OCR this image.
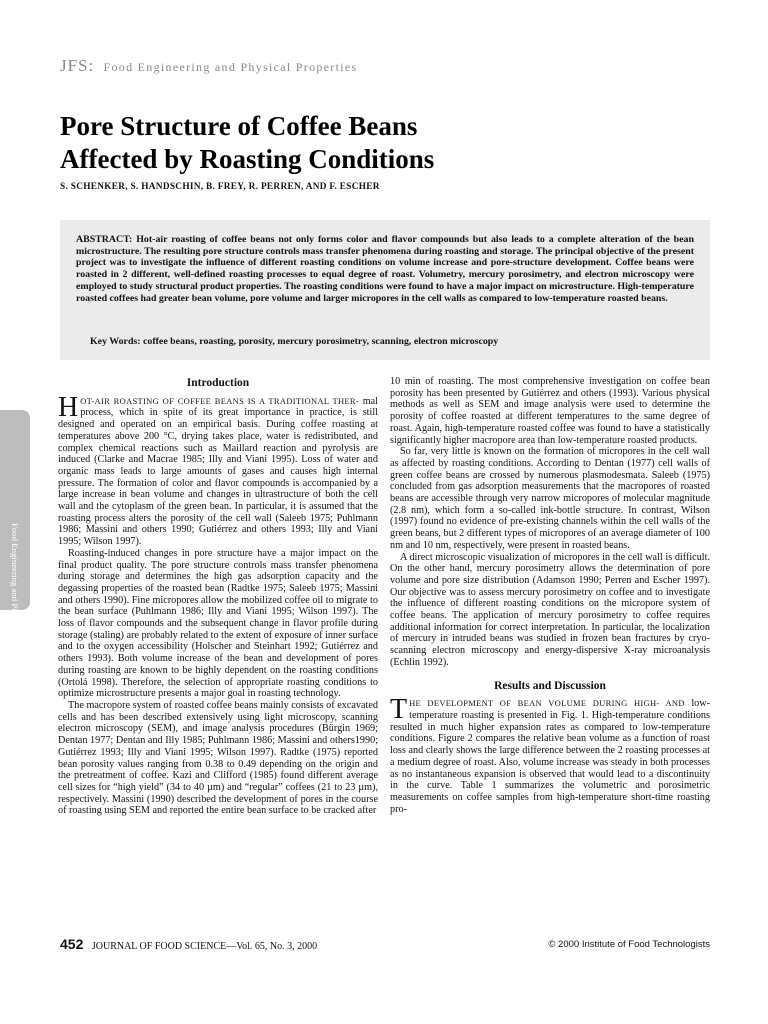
JFS: Food Engineering and Physical Properties
Pore Structure of Coffee Beans
Affected by Roasting Conditions
S. SCHENKER, S. HANDSCHIN, B. FREY, R. PERREN, AND F. ESCHER

ABSTRACT: Hot-air roasting of coffee beans not only forms color and flavor compounds but also leads to a complete alteration of the bean microstructure. The resulting pore structure controls mass transfer phenomena during roasting and storage. The principal objective of the present project was to investigate the influence of different roasting conditions on volume increase and pore-structure development. Coffee beans were roasted in 2 different, well-defined roasting processes to equal degree of roast. Volumetry, mercury porosimetry, and electron microscopy were employed to study structural product properties. The roasting conditions were found to have a major impact on microstructure. High-temperature roasted coffees had greater bean volume, pore volume and larger micropores in the cell walls as compared to low-temperature roasted beans.

Key Words: coffee beans, roasting, porosity, mercury porosimetry, scanning, electron microscopy

Food Engineering and Physical Properties
Introduction

HOT-AIR ROASTING OF COFFEE BEANS IS A TRADITIONAL THER- mal process, which in spite of its great importance in practice, is still designed and operated on an empirical basis. During coffee roasting at temperatures above 200 °C, drying takes place, water is redistributed, and complex chemical reactions such as Maillard reaction and pyrolysis are induced (Clarke and Macrae 1985; Illy and Viani 1995). Loss of water and organic mass leads to large amounts of gases and causes high internal pressure. The formation of color and flavor compounds is accompanied by a large increase in bean volume and changes in ultrastructure of both the cell wall and the cytoplasm of the green bean. In particular, it is assumed that the roasting process alters the porosity of the cell wall (Saleeb 1975; Puhlmann 1986; Massini and others 1990; Gutiérrez and others 1993; Illy and Viani 1995; Wilson 1997).

Roasting-induced changes in pore structure have a major impact on the final product quality. The pore structure controls mass transfer phenomena during storage and determines the high gas adsorption capacity and the degassing properties of the roasted bean (Radtke 1975; Saleeb 1975; Massini and others 1990). Fine micropores allow the mobilized coffee oil to migrate to the bean surface (Puhlmann 1986; Illy and Viani 1995; Wilson 1997). The loss of flavor compounds and the subsequent change in flavor profile during storage (staling) are probably related to the extent of exposure of inner surface and to the oxygen accessibility (Holscher and Steinhart 1992; Gutiérrez and others 1993). Both volume increase of the bean and development of pores during roasting are known to be highly dependent on the roasting conditions (Ortolá 1998). Therefore, the selection of appropriate roasting conditions to optimize microstructure presents a major goal in roasting technology.

The macropore system of roasted coffee beans mainly consists of excavated cells and has been described extensively using light microscopy, scanning electron microscopy (SEM), and image analysis procedures (Bürgin 1969; Dentan 1977; Dentan and Illy 1985; Puhlmann 1986; Massini and others1990; Gutiérrez 1993; Illy and Viani 1995; Wilson 1997). Radtke (1975) reported bean porosity values ranging from 0.38 to 0.49 depending on the origin and the pretreatment of coffee. Kazi and Clifford (1985) found different average cell sizes for “high yield” (34 to 40 µm) and “regular” coffees (21 to 23 µm), respectively. Massini (1990) described the development of pores in the course of roasting using SEM and reported the entire bean surface to be cracked after

10 min of roasting. The most comprehensive investigation on coffee bean porosity has been presented by Gutiérrez and others (1993). Various physical methods as well as SEM and image analysis were used to determine the porosity of coffee roasted at different temperatures to the same degree of roast. Again, high-temperature roasted coffee was found to have a statistically significantly higher macropore area than low-temperature roasted products.

So far, very little is known on the formation of micropores in the cell wall as affected by roasting conditions. According to Dentan (1977) cell walls of green coffee beans are crossed by numerous plasmodesmata. Saleeb (1975) concluded from gas adsorption measurements that the macropores of roasted beans are accessible through very narrow micropores of molecular magnitude (2.8 nm), which form a so-called ink-bottle structure. In contrast, Wilson (1997) found no evidence of pre-existing channels within the cell walls of the green beans, but 2 different types of micropores of an average diameter of 100 nm and 10 nm, respectively, were present in roasted beans.

A direct microscopic visualization of micropores in the cell wall is difficult. On the other hand, mercury porosimetry allows the determination of pore volume and pore size distribution (Adamson 1990; Perren and Escher 1997). Our objective was to assess mercury porosimetry on coffee and to investigate the influence of different roasting conditions on the micropore system of coffee beans. The application of mercury porosimetry to coffee requires additional information for correct interpretation. In particular, the localization of mercury in intruded beans was studied in frozen bean fractures by cryo-scanning electron microscopy and energy-dispersive X-ray microanalysis (Echlin 1992).

Results and Discussion

THE DEVELOPMENT OF BEAN VOLUME DURING HIGH- AND low-temperature roasting is presented in Fig. 1. High-temperature conditions resulted in much higher expansion rates as compared to low-temperature conditions. Figure 2 compares the relative bean volume as a function of roast loss and clearly shows the large difference between the 2 roasting processes at a medium degree of roast. Also, volume increase was steady in both processes as no instantaneous expansion is observed that would lead to a discontinuity in the curve. Table 1 summarizes the volumetric and porosimetric measurements on coffee samples from high-temperature short-time roasting pro-

452 JOURNAL OF FOOD SCIENCE—Vol. 65, No. 3, 2000	© 2000 Institute of Food Technologists
